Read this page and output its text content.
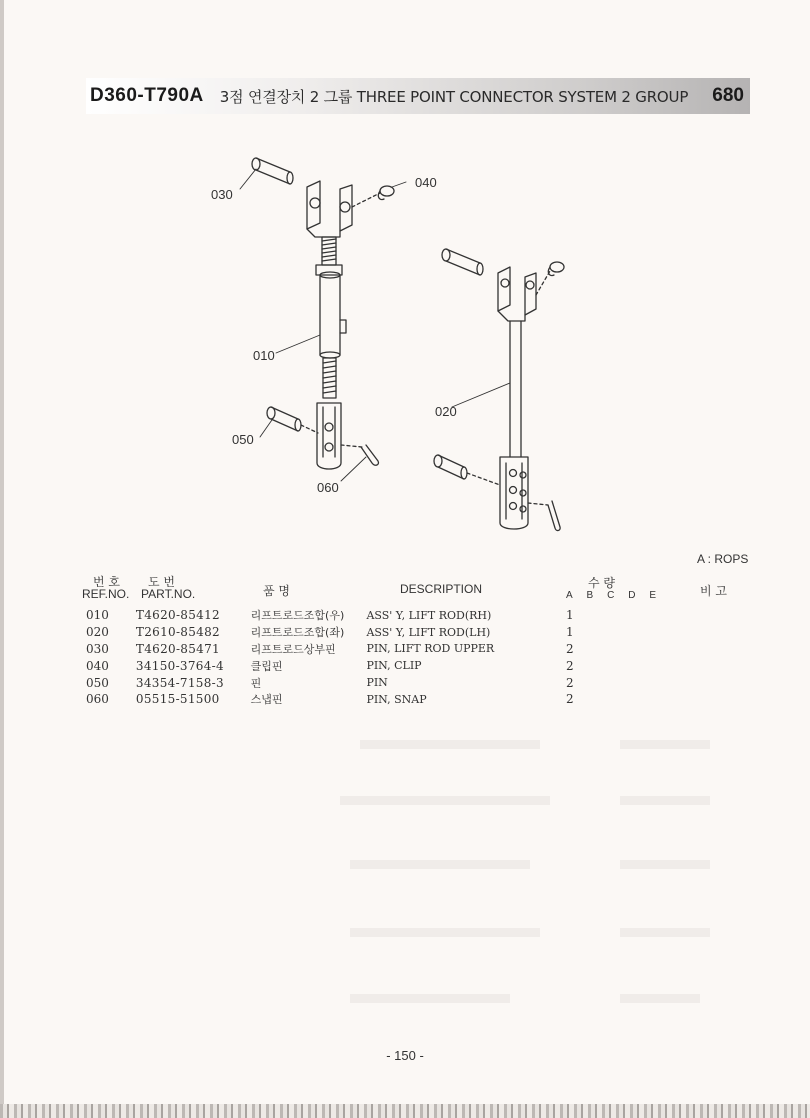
D360-T790A 3점 연결장치 2 그룹 THREE POINT CONNECTOR SYSTEM 2 GROUP 680
030
040
010
050
060
020
A : ROPS
번 호
REF.NO.
도 번
PART.NO.	품 명	DESCRIPTION	수 량
A B C D E	비 고
010	T4620-85412	리프트로드조합(우)	ASS' Y, LIFT ROD(RH)	1
020	T2610-85482	리프트로드조합(좌)	ASS' Y, LIFT ROD(LH)	1
030	T4620-85471	리프트로드상부핀	PIN, LIFT ROD UPPER	2
040	34150-3764-4	클립핀	PIN, CLIP	2
050	34354-7158-3	핀	PIN	2
060	05515-51500	스냅핀	PIN, SNAP	2
- 150 -
